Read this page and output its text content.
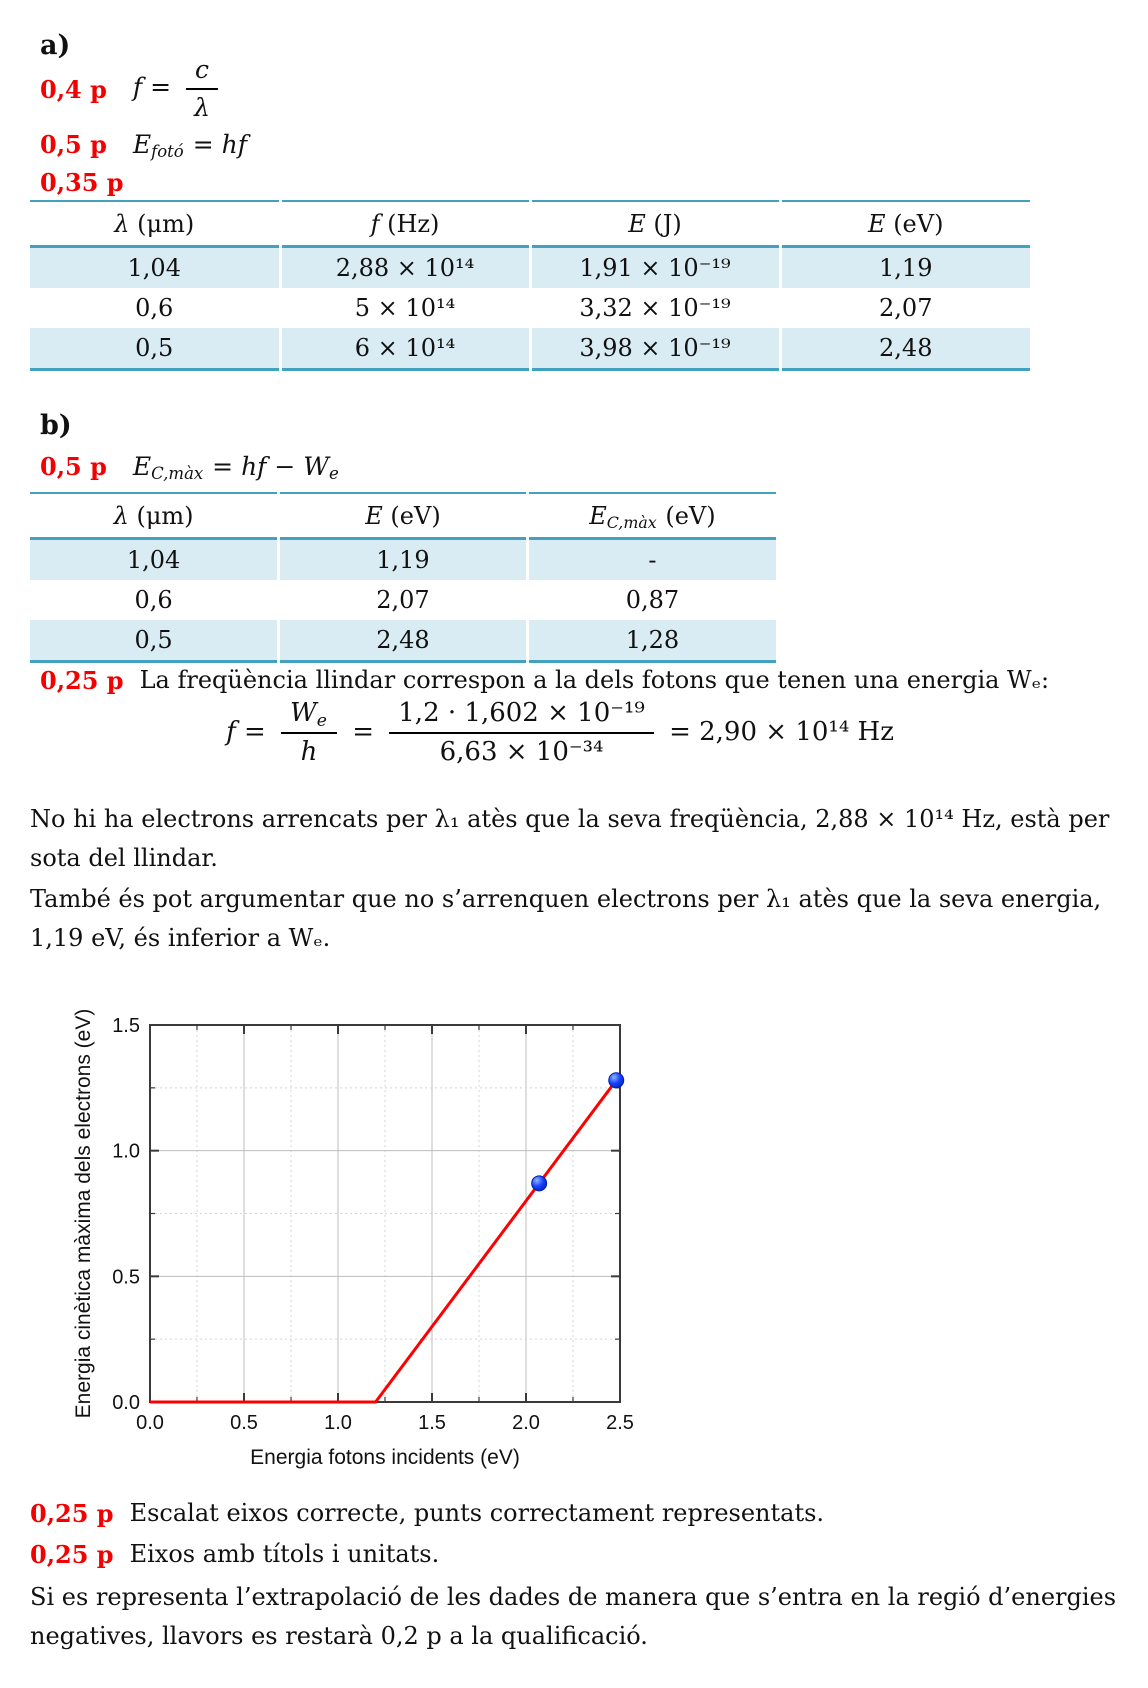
a)
0,4 p $f = \frac{c}{\lambda}$
0,5 p Efotó = hf
0,35 p
λ (μm)	f (Hz)	E (J)	E (eV)
1,04	2,88 × 10¹⁴	1,91 × 10⁻¹⁹	1,19
0,6	5 × 10¹⁴	3,32 × 10⁻¹⁹	2,07
0,5	6 × 10¹⁴	3,98 × 10⁻¹⁹	2,48
b)
0,5 p EC,màx = hf − We
λ (μm)	E (eV)	EC,màx (eV)
1,04	1,19	-
0,6	2,07	0,87
0,5	2,48	1,28
0,25 p La freqüència llindar correspon a la dels fotons que tenen una energia Wₑ:
$f = \frac{We}{h} = \frac{\text{1,2 · 1,602 × 10⁻¹⁹}}{\text{6,63 × 10⁻³⁴}} = 2,90 \times 10^{14}$ Hz
No hi ha electrons arrencats per λ₁ atès que la seva freqüència, 2,88 × 10¹⁴ Hz, està per sota del llindar.
També és pot argumentar que no s’arrenquen electrons per λ₁ atès que la seva energia, 1,19 eV, és inferior a Wₑ.
0.0	0.5	1.0	1.5	2.0	2.5
0.0
0.5
1.0
1.5
Energia fotons incidents (eV)
Energia cinètica màxima dels electrons (eV)
0,25 p Escalat eixos correcte, punts correctament representats.
0,25 p Eixos amb títols i unitats.
Si es representa l’extrapolació de les dades de manera que s’entra en la regió d’energies negatives, llavors es restarà 0,2 p a la qualificació.
